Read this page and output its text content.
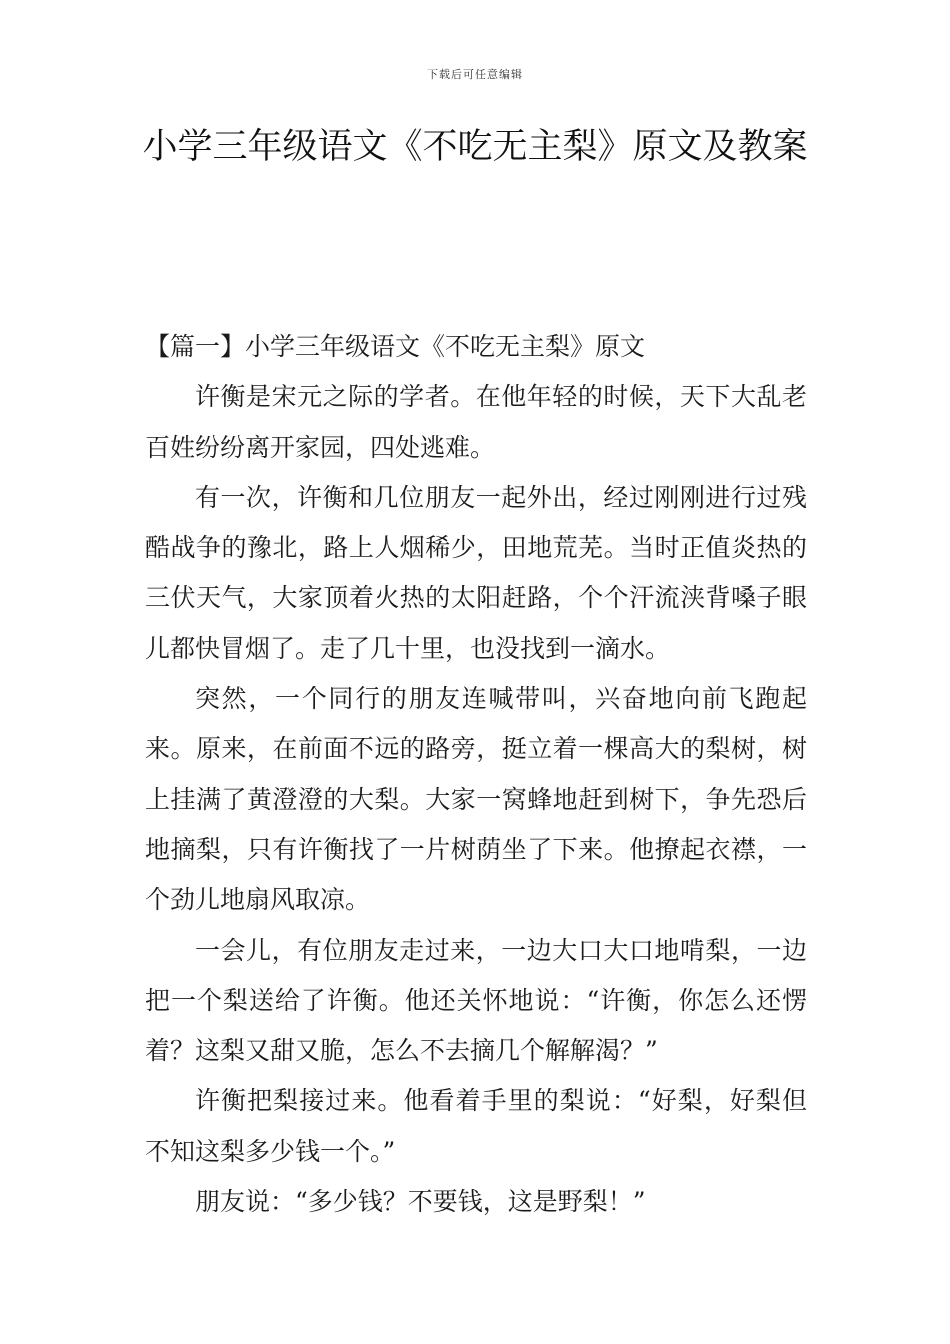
下载后可任意编辑
小学三年级语文《不吃无主梨》原文及教案

【篇一】小学三年级语文《不吃无主梨》原文

许衡是宋元之际的学者。在他年轻的时候，天下大乱老百姓纷纷离开家园，四处逃难。

有一次，许衡和几位朋友一起外出，经过刚刚进行过残酷战争的豫北，路上人烟稀少，田地荒芜。当时正值炎热的三伏天气，大家顶着火热的太阳赶路，个个汗流浃背嗓子眼儿都快冒烟了。走了几十里，也没找到一滴水。

突然，一个同行的朋友连喊带叫，兴奋地向前飞跑起来。原来，在前面不远的路旁，挺立着一棵高大的梨树，树上挂满了黄澄澄的大梨。大家一窝蜂地赶到树下，争先恐后地摘梨，只有许衡找了一片树荫坐了下来。他撩起衣襟，一个劲儿地扇风取凉。

一会儿，有位朋友走过来，一边大口大口地啃梨，一边把一个梨送给了许衡。他还关怀地说：“许衡，你怎么还愣着？这梨又甜又脆，怎么不去摘几个解解渴？”

许衡把梨接过来。他看着手里的梨说：“好梨，好梨但不知这梨多少钱一个。”

朋友说：“多少钱？不要钱，这是野梨！”
